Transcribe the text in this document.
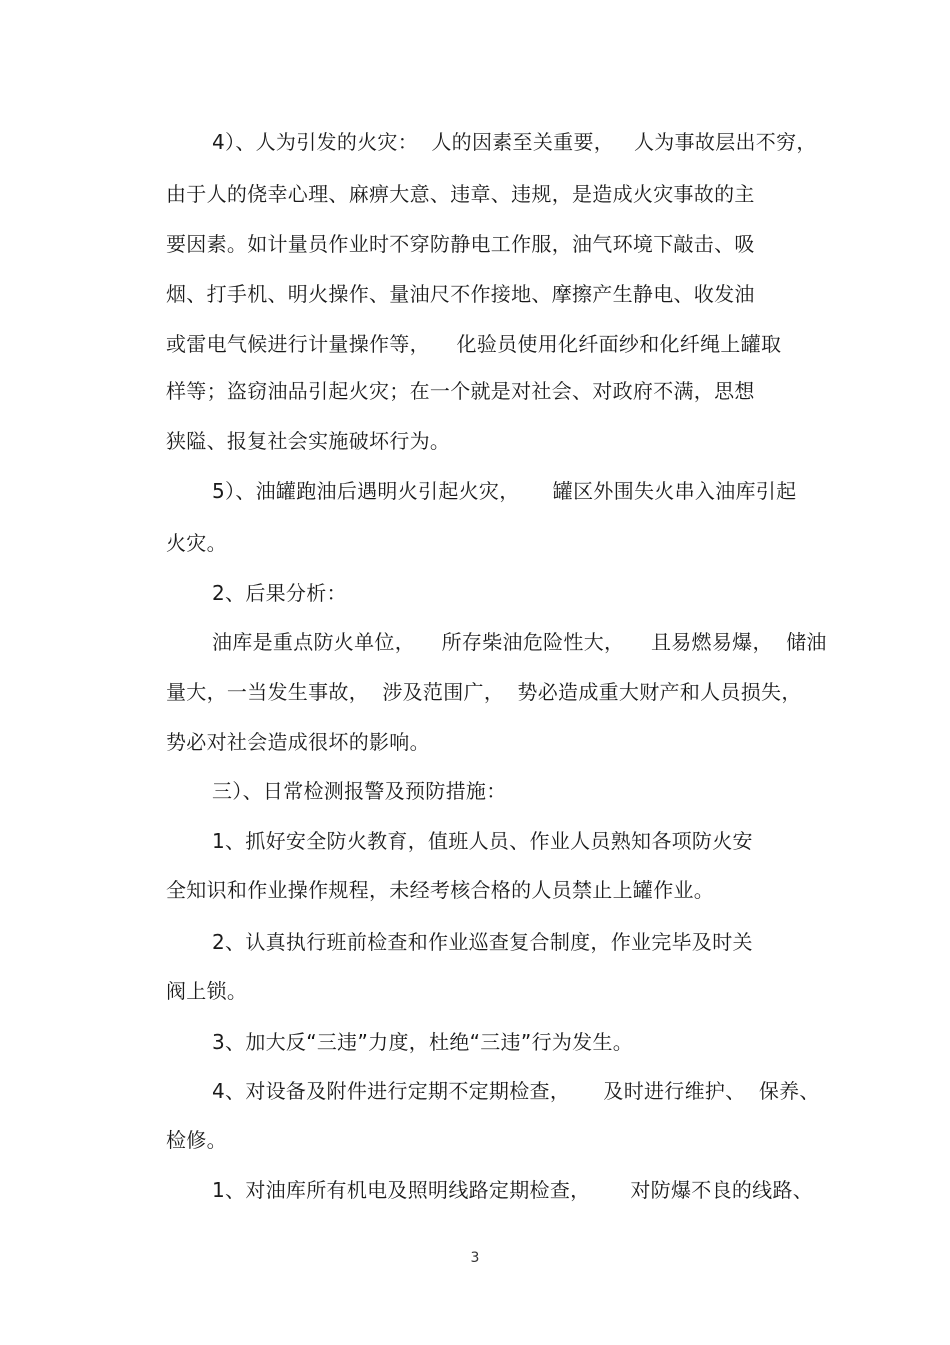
4）、人为引发的火灾：  人的因素至关重要，   人为事故层出不穷，
由于人的侥幸心理、麻痹大意、违章、违规，是造成火灾事故的主
要因素。如计量员作业时不穿防静电工作服，油气环境下敲击、吸
烟、打手机、明火操作、量油尺不作接地、摩擦产生静电、收发油
或雷电气候进行计量操作等，    化验员使用化纤面纱和化纤绳上罐取
样等；盗窃油品引起火灾；在一个就是对社会、对政府不满，思想
狭隘、报复社会实施破坏行为。
5）、油罐跑油后遇明火引起火灾，     罐区外围失火串入油库引起
火灾。
2、后果分析：
油库是重点防火单位，    所存柴油危险性大，    且易燃易爆，  储油
量大，一当发生事故，  涉及范围广，  势必造成重大财产和人员损失，
势必对社会造成很坏的影响。
三）、日常检测报警及预防措施：
1、抓好安全防火教育，值班人员、作业人员熟知各项防火安
全知识和作业操作规程，未经考核合格的人员禁止上罐作业。
2、认真执行班前检查和作业巡查复合制度，作业完毕及时关
阀上锁。
3、加大反“三违”力度，杜绝“三违”行为发生。
4、对设备及附件进行定期不定期检查，     及时进行维护、  保养、
检修。
1、对油库所有机电及照明线路定期检查，      对防爆不良的线路、
3
